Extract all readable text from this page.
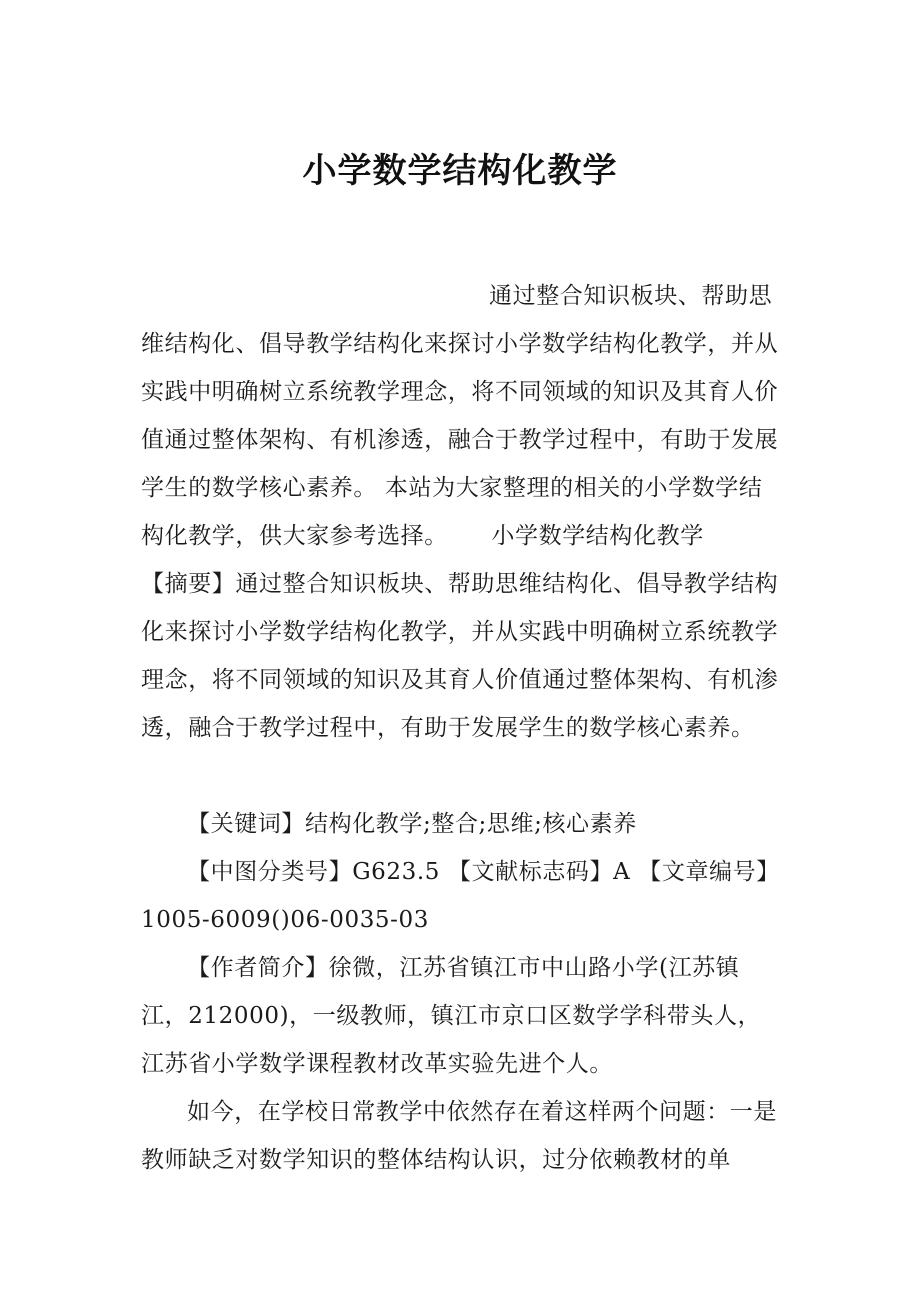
小学数学结构化教学

通过整合知识板块、帮助思维结构化、倡导教学结构化来探讨小学数学结构化教学，并从实践中明确树立系统教学理念，将不同领域的知识及其育人价值通过整体架构、有机渗透，融合于教学过程中，有助于发展学生的数学核心素养。 本站为大家整理的相关的小学数学结构化教学，供大家参考选择。　　 小学数学结构化教学　　 【摘要】通过整合知识板块、帮助思维结构化、倡导教学结构化来探讨小学数学结构化教学，并从实践中明确树立系统教学理念，将不同领域的知识及其育人价值通过整体架构、有机渗透，融合于教学过程中，有助于发展学生的数学核心素养。

【关键词】结构化教学;整合;思维;核心素养

【中图分类号】G623.5 【文献标志码】A 【文章编号】1005-6009()06-0035-03

【作者简介】徐微，江苏省镇江市中山路小学(江苏镇江，212000)，一级教师，镇江市京口区数学学科带头人，江苏省小学数学课程教材改革实验先进个人。

如今，在学校日常教学中依然存在着这样两个问题：一是教师缺乏对数学知识的整体结构认识，过分依赖教材的单
